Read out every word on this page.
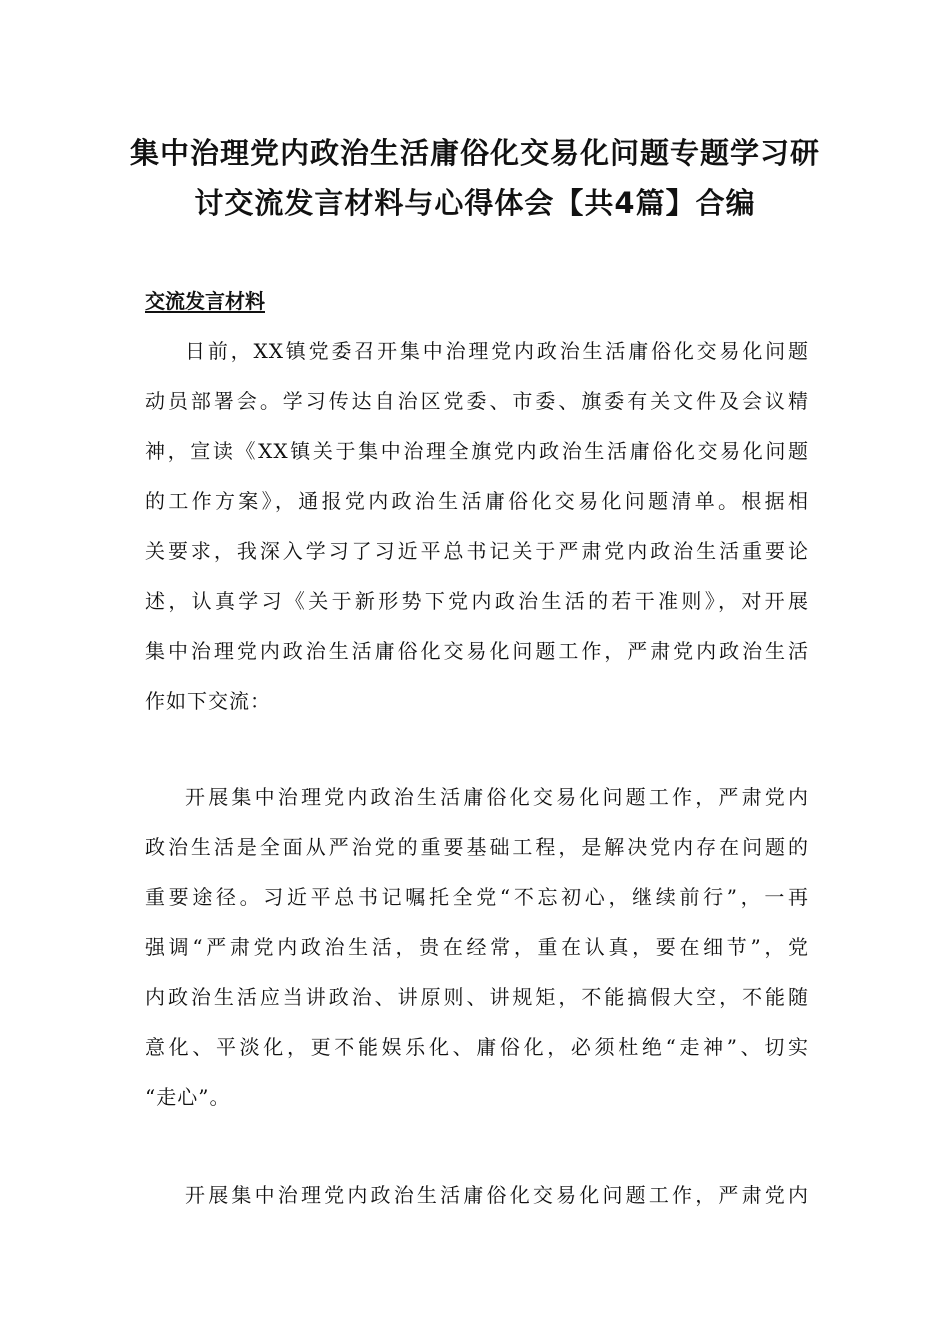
集中治理党内政治生活庸俗化交易化问题专题学习研
讨交流发言材料与心得体会【共4篇】合编
交流发言材料
日前，XX镇党委召开集中治理党内政治生活庸俗化交易化问题
动员部署会。学习传达自治区党委、市委、旗委有关文件及会议精
神，宣读《XX镇关于集中治理全旗党内政治生活庸俗化交易化问题
的工作方案》，通报党内政治生活庸俗化交易化问题清单。根据相
关要求，我深入学习了习近平总书记关于严肃党内政治生活重要论
述，认真学习《关于新形势下党内政治生活的若干准则》，对开展
集中治理党内政治生活庸俗化交易化问题工作，严肃党内政治生活
作如下交流：
开展集中治理党内政治生活庸俗化交易化问题工作，严肃党内
政治生活是全面从严治党的重要基础工程，是解决党内存在问题的
重要途径。习近平总书记嘱托全党“不忘初心，继续前行”，一再
强调“严肃党内政治生活，贵在经常，重在认真，要在细节”，党
内政治生活应当讲政治、讲原则、讲规矩，不能搞假大空，不能随
意化、平淡化，更不能娱乐化、庸俗化，必须杜绝“走神”、切实
“走心”。
开展集中治理党内政治生活庸俗化交易化问题工作，严肃党内
